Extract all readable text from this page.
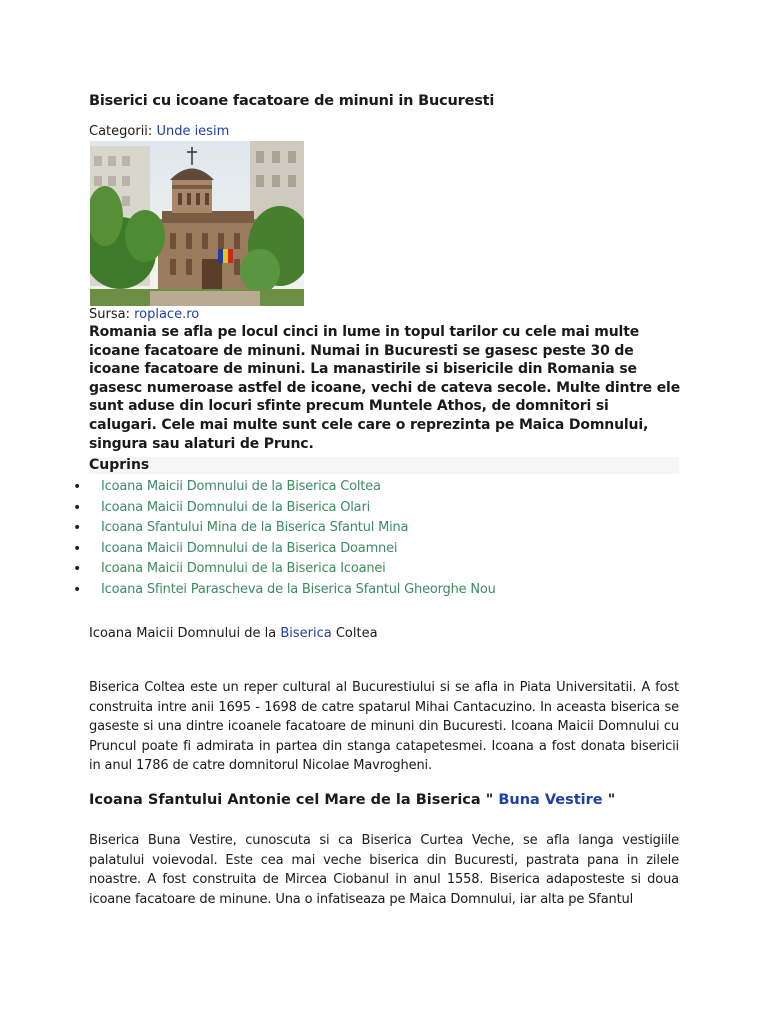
Biserici cu icoane facatoare de minuni in Bucuresti
Categorii: Unde iesim
Sursa: roplace.ro

Romania se afla pe locul cinci in lume in topul tarilor cu cele mai multe icoane facatoare de minuni. Numai in Bucuresti se gasesc peste 30 de icoane facatoare de minuni. La manastirile si bisericile din Romania se gasesc numeroase astfel de icoane, vechi de cateva secole. Multe dintre ele sunt aduse din locuri sfinte precum Muntele Athos, de domnitori si calugari. Cele mai multe sunt cele care o reprezinta pe Maica Domnului, singura sau alaturi de Prunc.

Cuprins
• Icoana Maicii Domnului de la Biserica Coltea
• Icoana Maicii Domnului de la Biserica Olari
• Icoana Sfantului Mina de la Biserica Sfantul Mina
• Icoana Maicii Domnului de la Biserica Doamnei
• Icoana Maicii Domnului de la Biserica Icoanei
• Icoana Sfintei Parascheva de la Biserica Sfantul Gheorghe Nou
Icoana Maicii Domnului de la Biserica Coltea

Biserica Coltea este un reper cultural al Bucurestiului si se afla in Piata Universitatii. A fost construita intre anii 1695 - 1698 de catre spatarul Mihai Cantacuzino. In aceasta biserica se gaseste si una dintre icoanele facatoare de minuni din Bucuresti. Icoana Maicii Domnului cu Pruncul poate fi admirata in partea din stanga catapetesmei. Icoana a fost donata bisericii in anul 1786 de catre domnitorul Nicolae Mavrogheni.

Icoana Sfantului Antonie cel Mare de la Biserica " Buna Vestire "

Biserica Buna Vestire, cunoscuta si ca Biserica Curtea Veche, se afla langa vestigiile palatului voievodal. Este cea mai veche biserica din Bucuresti, pastrata pana in zilele noastre. A fost construita de Mircea Ciobanul in anul 1558. Biserica adaposteste si doua icoane facatoare de minune. Una o infatiseaza pe Maica Domnului, iar alta pe Sfantul
